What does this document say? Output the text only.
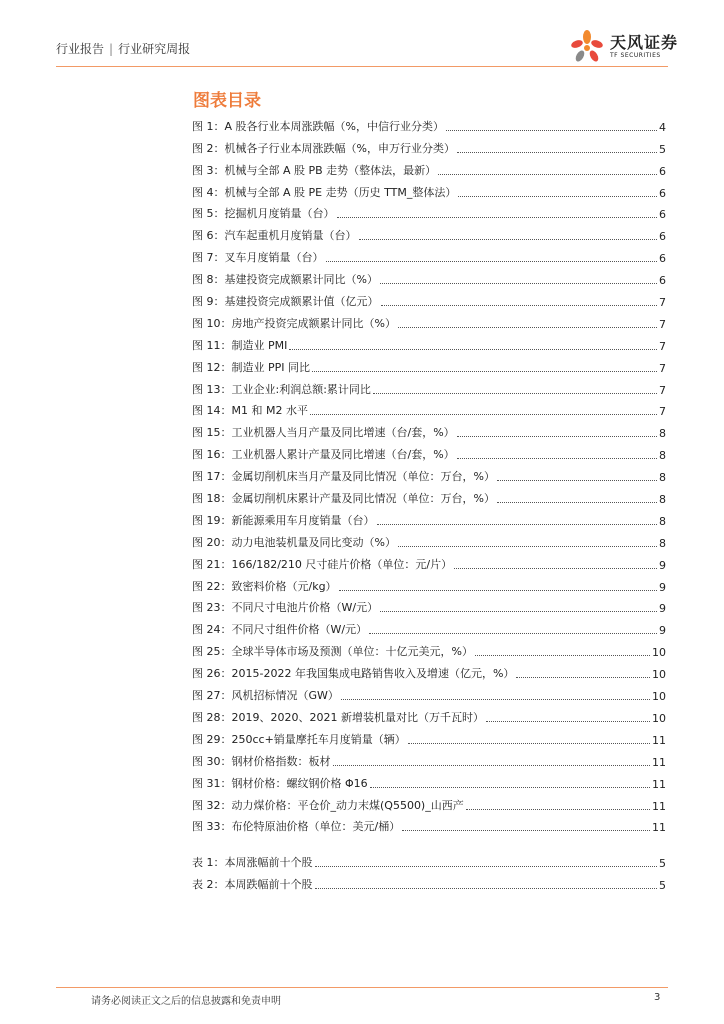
行业报告 | 行业研究周报	天风证券
TF SECURITIES
图表目录
图 1：A 股各行业本周涨跌幅（%，中信行业分类）	4
图 2：机械各子行业本周涨跌幅（%，申万行业分类）	5
图 3：机械与全部 A 股 PB 走势（整体法，最新）	6
图 4：机械与全部 A 股 PE 走势（历史 TTM_整体法）	6
图 5：挖掘机月度销量（台）	6
图 6：汽车起重机月度销量（台）	6
图 7：叉车月度销量（台）	6
图 8：基建投资完成额累计同比（%）	6
图 9：基建投资完成额累计值（亿元）	7
图 10：房地产投资完成额累计同比（%）	7
图 11：制造业 PMI	7
图 12：制造业 PPI 同比	7
图 13：工业企业:利润总额:累计同比	7
图 14：M1 和 M2 水平	7
图 15：工业机器人当月产量及同比增速（台/套，%）	8
图 16：工业机器人累计产量及同比增速（台/套，%）	8
图 17：金属切削机床当月产量及同比情况（单位：万台，%）	8
图 18：金属切削机床累计产量及同比情况（单位：万台，%）	8
图 19：新能源乘用车月度销量（台）	8
图 20：动力电池装机量及同比变动（%）	8
图 21：166/182/210 尺寸硅片价格（单位：元/片）	9
图 22：致密料价格（元/kg）	9
图 23：不同尺寸电池片价格（W/元）	9
图 24：不同尺寸组件价格（W/元）	9
图 25：全球半导体市场及预测（单位：十亿元美元，%）	10
图 26：2015-2022 年我国集成电路销售收入及增速（亿元，%）	10
图 27：风机招标情况（GW）	10
图 28：2019、2020、2021 新增装机量对比（万千瓦时）	10
图 29：250cc+销量摩托车月度销量（辆）	11
图 30：钢材价格指数：板材	11
图 31：钢材价格：螺纹钢价格 Φ16	11
图 32：动力煤价格：平仓价_动力末煤(Q5500)_山西产	11
图 33：布伦特原油价格（单位：美元/桶）	11
表 1：本周涨幅前十个股	5
表 2：本周跌幅前十个股	5
请务必阅读正文之后的信息披露和免责申明	3
